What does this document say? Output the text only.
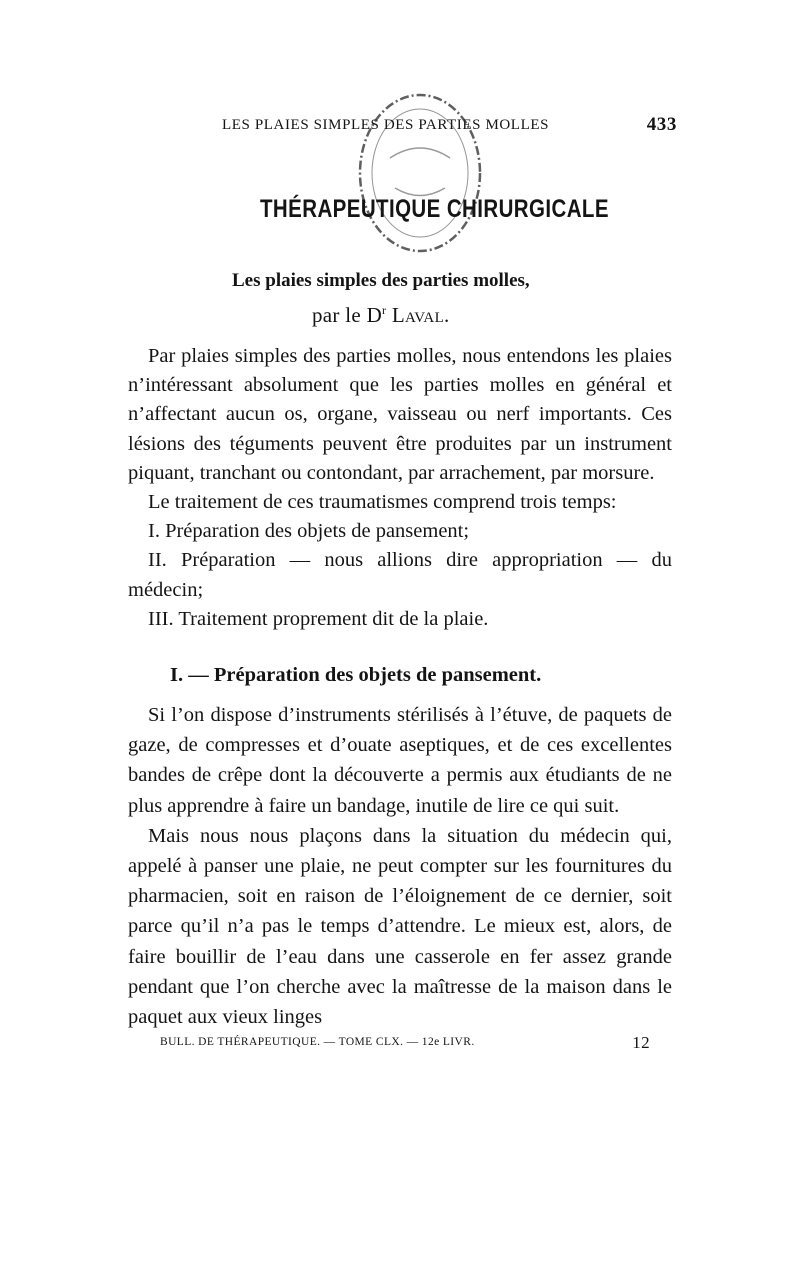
LES PLAIES SIMPLES DES PARTIES MOLLES	433
THÉRAPEUTIQUE CHIRURGICALE
Les plaies simples des parties molles,
par le $D^r$ Laval.

Par plaies simples des parties molles, nous entendons les plaies n’intéressant absolument que les parties molles en général et n’affectant aucun os, organe, vaisseau ou nerf importants. Ces lésions des téguments peuvent être produites par un instrument piquant, tranchant ou contondant, par arrachement, par morsure.

Le traitement de ces traumatismes comprend trois temps:

I. Préparation des objets de pansement;

II. Préparation — nous allions dire appropriation — du médecin;

III. Traitement proprement dit de la plaie.

I. — Préparation des objets de pansement.

Si l’on dispose d’instruments stérilisés à l’étuve, de paquets de gaze, de compresses et d’ouate aseptiques, et de ces excellentes bandes de crêpe dont la découverte a permis aux étudiants de ne plus apprendre à faire un bandage, inutile de lire ce qui suit.

Mais nous nous plaçons dans la situation du médecin qui, appelé à panser une plaie, ne peut compter sur les fournitures du pharmacien, soit en raison de l’éloignement de ce dernier, soit parce qu’il n’a pas le temps d’attendre. Le mieux est, alors, de faire bouillir de l’eau dans une casserole en fer assez grande pendant que l’on cherche avec la maîtresse de la maison dans le paquet aux vieux linges

BULL. DE THÉRAPEUTIQUE. — TOME CLX. — 12e LIVR.	12
